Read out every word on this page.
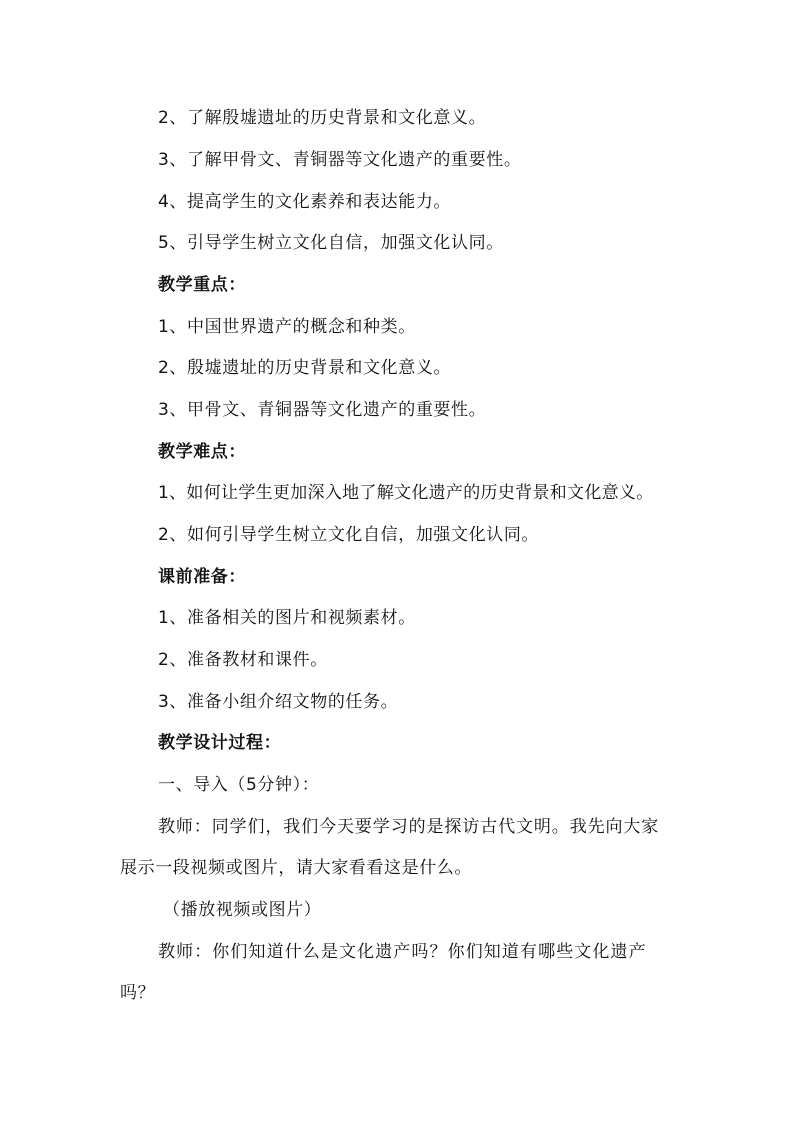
2、了解殷墟遗址的历史背景和文化意义。
3、了解甲骨文、青铜器等文化遗产的重要性。
4、提高学生的文化素养和表达能力。
5、引导学生树立文化自信，加强文化认同。
教学重点：
1、中国世界遗产的概念和种类。
2、殷墟遗址的历史背景和文化意义。
3、甲骨文、青铜器等文化遗产的重要性。
教学难点：
1、如何让学生更加深入地了解文化遗产的历史背景和文化意义。
2、如何引导学生树立文化自信，加强文化认同。
课前准备：
1、准备相关的图片和视频素材。
2、准备教材和课件。
3、准备小组介绍文物的任务。
教学设计过程：
一、导入（5分钟）：
教师：同学们，我们今天要学习的是探访古代文明。我先向大家
展示一段视频或图片，请大家看看这是什么。
（播放视频或图片）
教师：你们知道什么是文化遗产吗？你们知道有哪些文化遗产
吗？
